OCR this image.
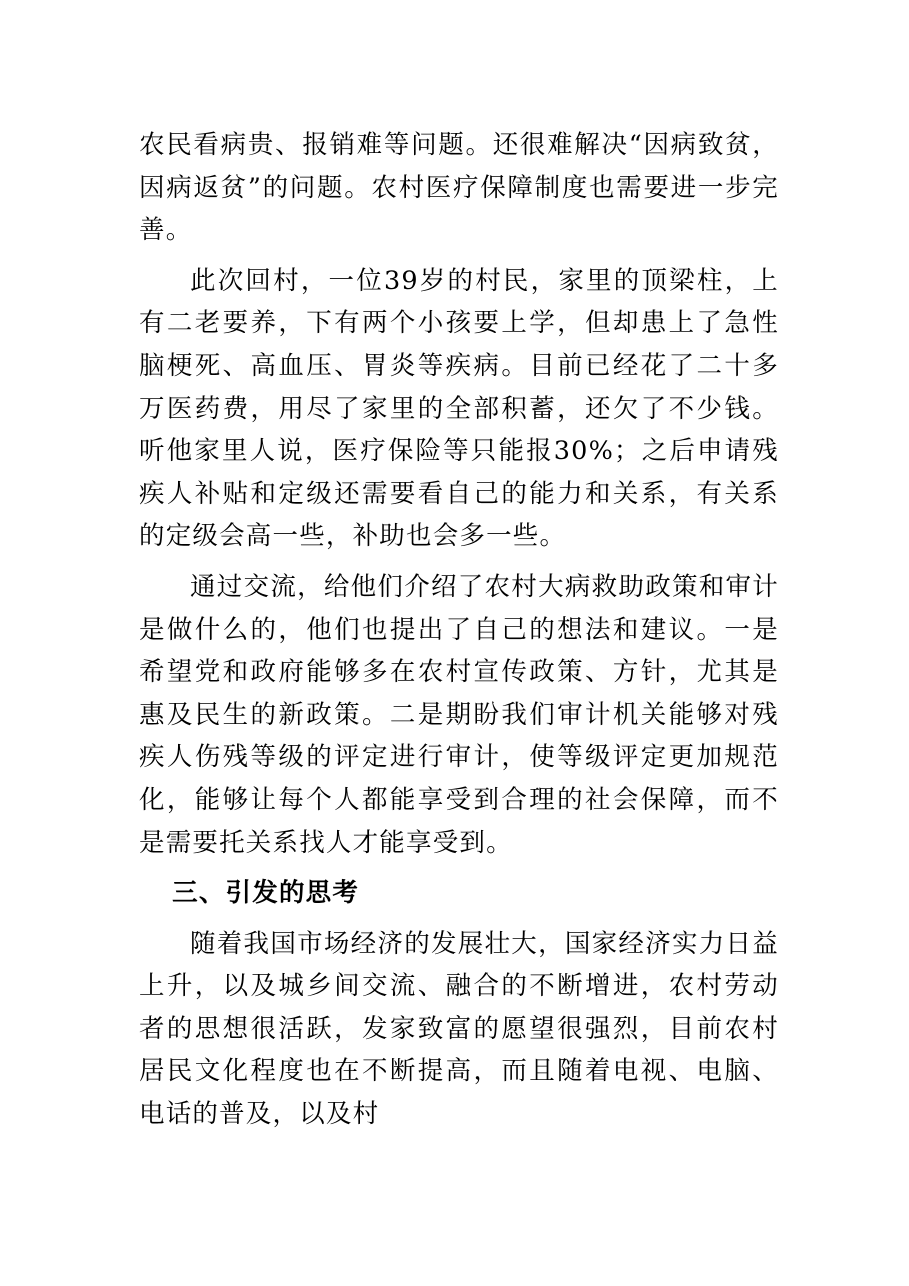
农民看病贵、报销难等问题。还很难解决“因病致贫，因病返贫”的问题。农村医疗保障制度也需要进一步完善。

此次回村，一位39岁的村民，家里的顶梁柱，上有二老要养，下有两个小孩要上学，但却患上了急性脑梗死、高血压、胃炎等疾病。目前已经花了二十多万医药费，用尽了家里的全部积蓄，还欠了不少钱。听他家里人说，医疗保险等只能报30%；之后申请残疾人补贴和定级还需要看自己的能力和关系，有关系的定级会高一些，补助也会多一些。

通过交流，给他们介绍了农村大病救助政策和审计是做什么的，他们也提出了自己的想法和建议。一是希望党和政府能够多在农村宣传政策、方针，尤其是惠及民生的新政策。二是期盼我们审计机关能够对残疾人伤残等级的评定进行审计，使等级评定更加规范化，能够让每个人都能享受到合理的社会保障，而不是需要托关系找人才能享受到。

三、引发的思考

随着我国市场经济的发展壮大，国家经济实力日益上升，以及城乡间交流、融合的不断增进，农村劳动者的思想很活跃，发家致富的愿望很强烈，目前农村居民文化程度也在不断提高，而且随着电视、电脑、电话的普及，以及村
